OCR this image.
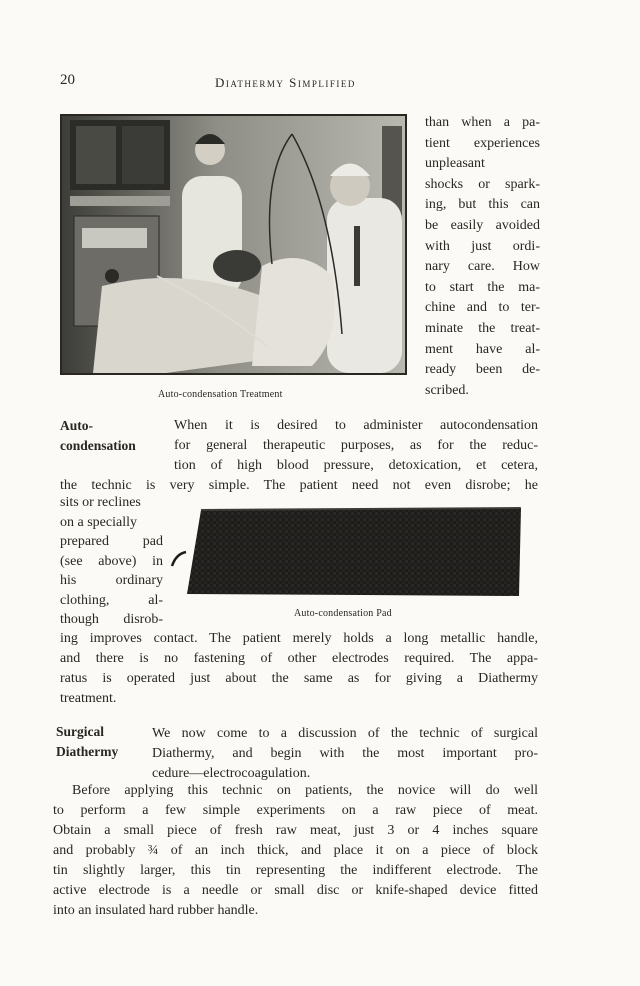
20	Diathermy Simplified
Auto-condensation Treatment
than when a pa-
tient experiences
unpleasant
shocks or spark-
ing, but this can
be easily avoided
with just ordi-
nary care. How
to start the ma-
chine and to ter-
minate the treat-
ment have al-
ready been de-
scribed.
Auto-
condensation
When it is desired to administer autocondensation
for general therapeutic purposes, as for the reduc-
tion of high blood pressure, detoxication, et cetera,
the technic is very simple. The patient need not even disrobe; he
sits or reclines
on a specially
prepared pad
(see above) in
his ordinary
clothing, al-
though disrob-	Auto-condensation Pad
ing improves contact. The patient merely holds a long metallic handle,
and there is no fastening of other electrodes required. The appa-
ratus is operated just about the same as for giving a Diathermy
treatment.
Surgical
Diathermy
We now come to a discussion of the technic of surgical
Diathermy, and begin with the most important pro-
cedure—electrocoagulation.
Before applying this technic on patients, the novice will do well
to perform a few simple experiments on a raw piece of meat.
Obtain a small piece of fresh raw meat, just 3 or 4 inches square
and probably ¾ of an inch thick, and place it on a piece of block
tin slightly larger, this tin representing the indifferent electrode. The
active electrode is a needle or small disc or knife-shaped device fitted
into an insulated hard rubber handle.
